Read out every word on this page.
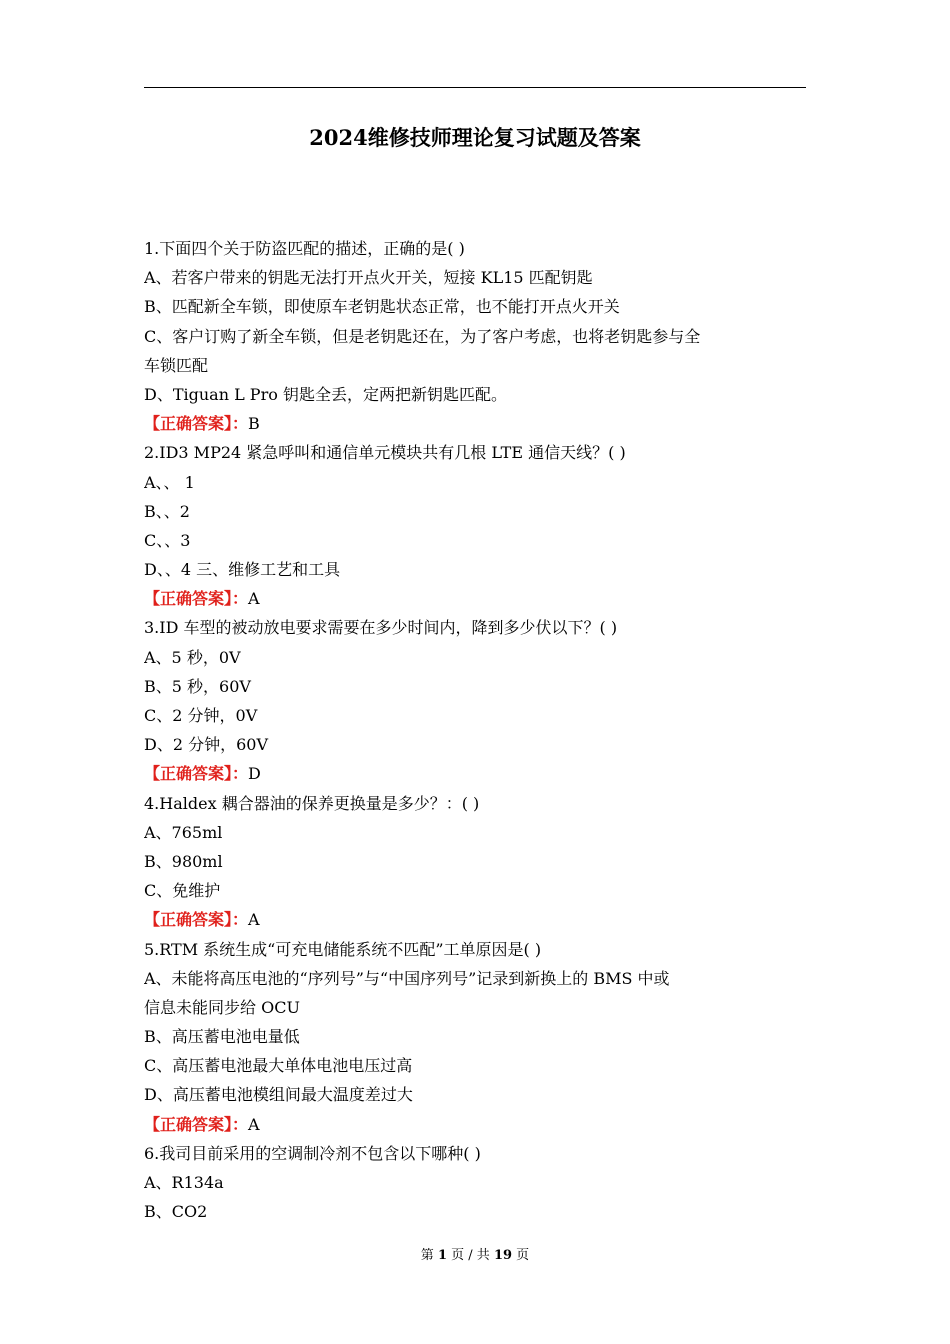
2024维修技师理论复习试题及答案
1.下面四个关于防盗匹配的描述，正确的是( )
A、若客户带来的钥匙无法打开点火开关，短接 KL15 匹配钥匙
B、匹配新全车锁，即使原车老钥匙状态正常，也不能打开点火开关
C、客户订购了新全车锁，但是老钥匙还在，为了客户考虑，也将老钥匙参与全
车锁匹配
D、Tiguan L Pro 钥匙全丢，定两把新钥匙匹配。
【正确答案】：B
2.ID3 MP24 紧急呼叫和通信单元模块共有几根 LTE 通信天线？( )
A、、 1
B、、2
C、、3
D、、4 三、维修工艺和工具
【正确答案】：A
3.ID 车型的被动放电要求需要在多少时间内，降到多少伏以下？( )
A、5 秒，0V
B、5 秒，60V
C、2 分钟，0V
D、2 分钟，60V
【正确答案】：D
4.Haldex 耦合器油的保养更换量是多少？：( )
A、765ml
B、980ml
C、免维护
【正确答案】：A
5.RTM 系统生成“可充电储能系统不匹配”工单原因是( )
A、未能将高压电池的“序列号”与“中国序列号”记录到新换上的 BMS 中或
信息未能同步给 OCU
B、高压蓄电池电量低
C、高压蓄电池最大单体电池电压过高
D、高压蓄电池模组间最大温度差过大
【正确答案】：A
6.我司目前采用的空调制冷剂不包含以下哪种( )
A、R134a
B、CO2
第 1 页 / 共 19 页
